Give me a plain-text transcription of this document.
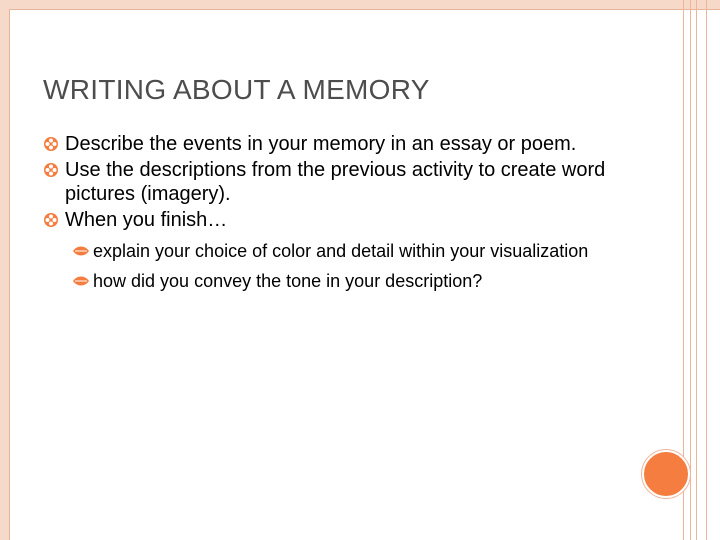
WRITING ABOUT A MEMORY
Describe the events in your memory in an essay or poem.
Use the descriptions from the previous activity to create word pictures (imagery).
When you finish…
explain your choice of color and detail within your visualization
how did you convey the tone in your description?
